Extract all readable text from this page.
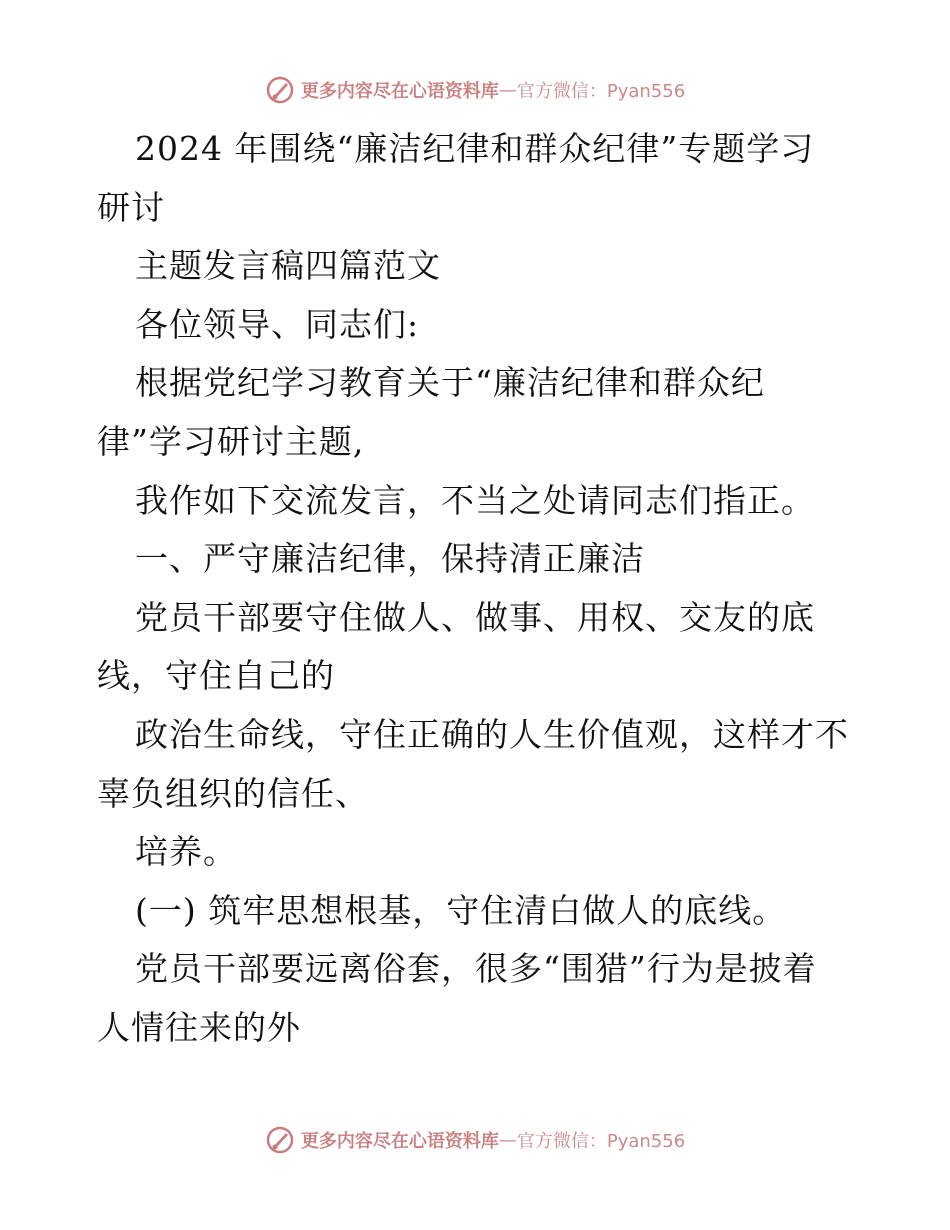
更多内容尽在心语资料库 — 官方微信：Pyan556
2024 年围绕“廉洁纪律和群众纪律”专题学习
研讨
主题发言稿四篇范文
各位领导、同志们:
根据党纪学习教育关于“廉洁纪律和群众纪
律”学习研讨主题,
我作如下交流发言，不当之处请同志们指正。
一、严守廉洁纪律，保持清正廉洁
党员干部要守住做人、做事、用权、交友的底
线，守住自己的
政治生命线，守住正确的人生价值观，这样才不
辜负组织的信任、
培养。
(一) 筑牢思想根基，守住清白做人的底线。
党员干部要远离俗套，很多“围猎”行为是披着
人情往来的外
更多内容尽在心语资料库 — 官方微信：Pyan556
